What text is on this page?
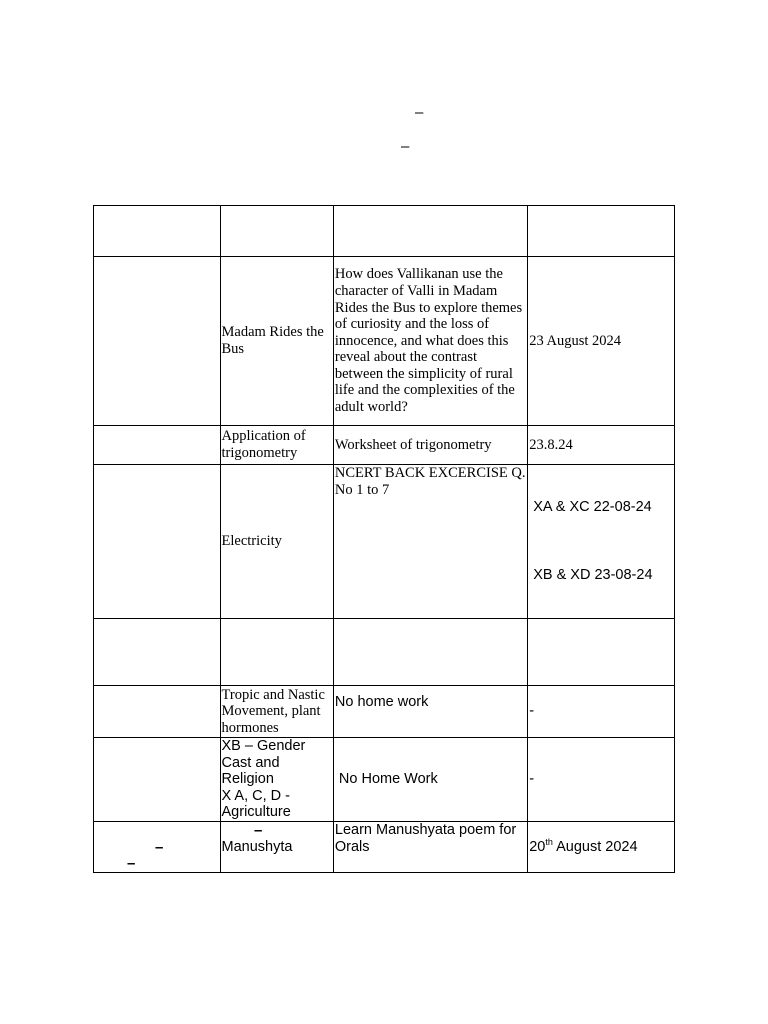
–
–

	Madam Rides the Bus	How does Vallikanan use the character of Valli in Madam Rides the Bus to explore themes of curiosity and the loss of innocence, and what does this reveal about the contrast between the simplicity of rural life and the complexities of the adult world?	23 August 2024
	Application of trigonometry	Worksheet of trigonometry	23.8.24
	Electricity	NCERT BACK EXCERCISE Q. No 1 to 7	XA & XC 22-08-24

XB & XD 23-08-24

	Tropic and Nastic Movement, plant hormones	No home work	-

	XB – Gender
Cast and
Religion
X A, C, D -
Agriculture	No Home Work	-
	Manushyta	Learn Manushyata poem for Orals	20th August 2024
–
–
–
